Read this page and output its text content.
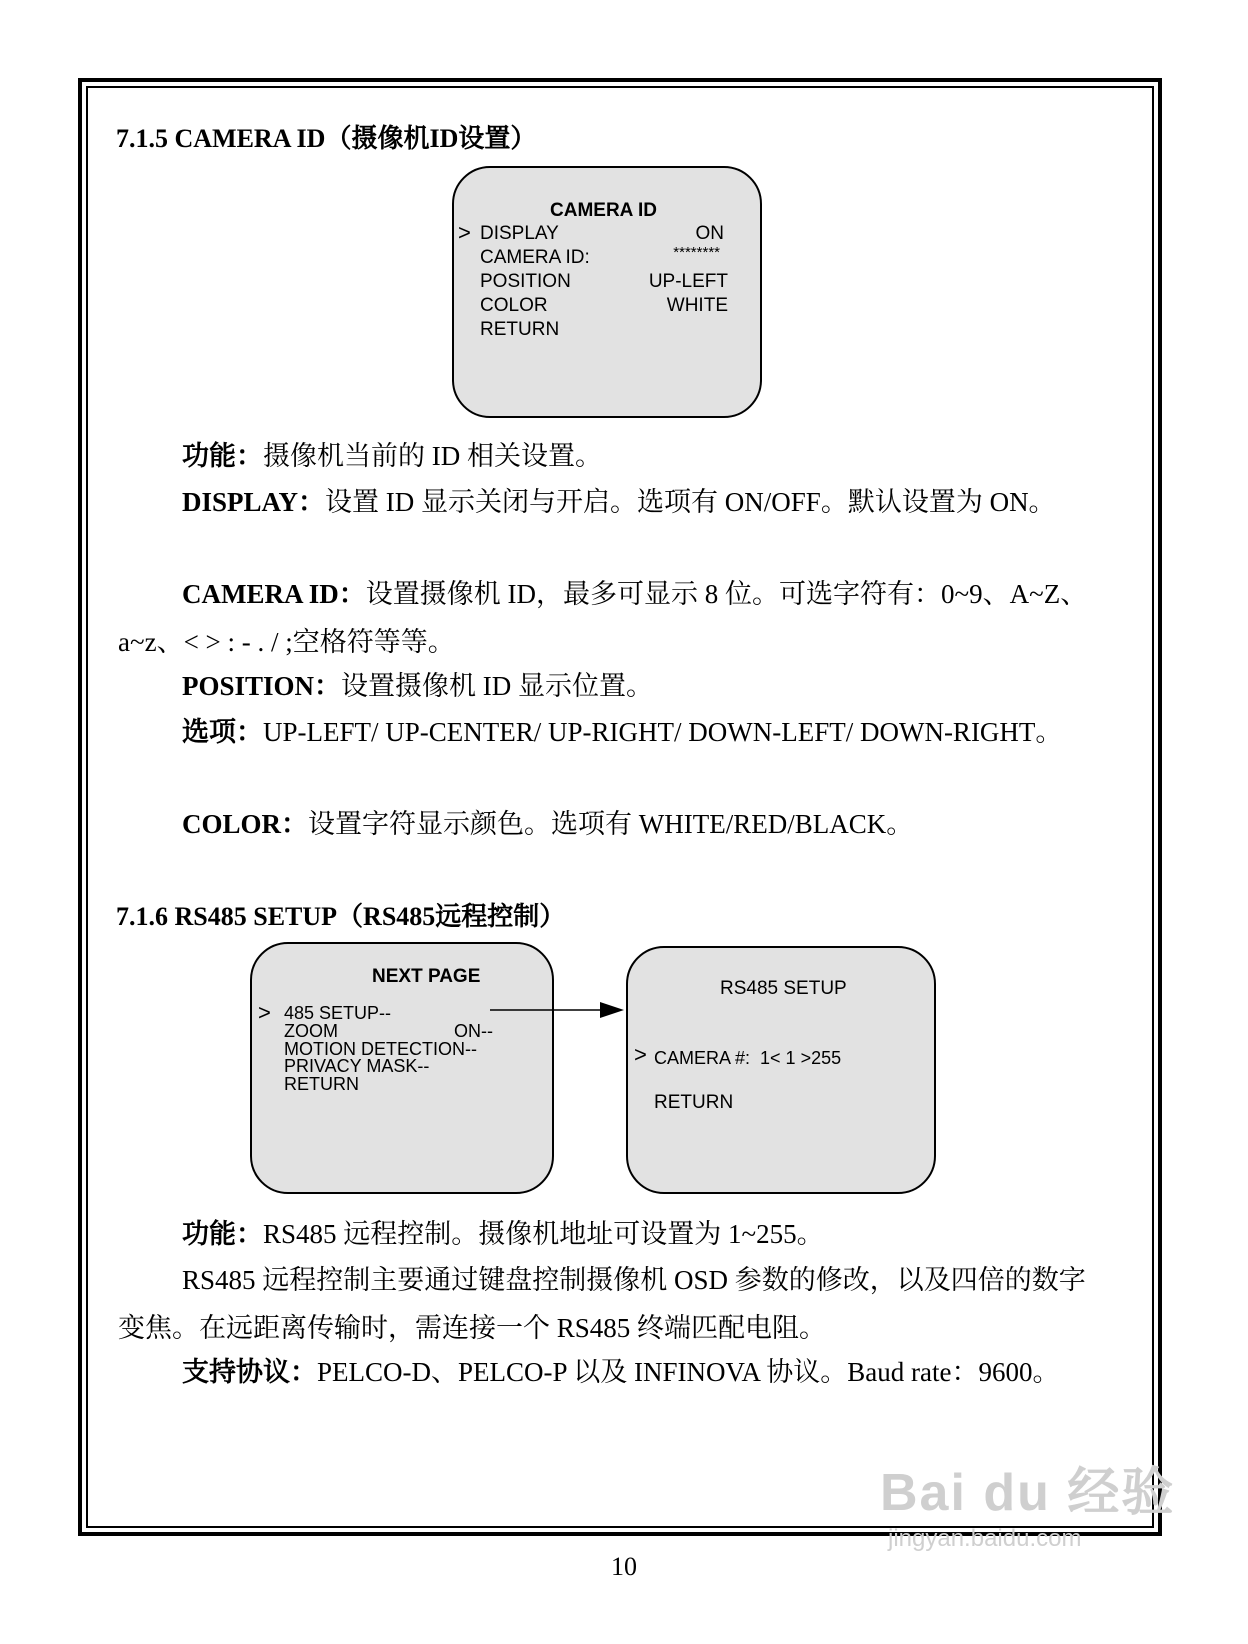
7.1.5 CAMERA ID（摄像机ID设置）
CAMERA ID
> DISPLAY	ON
CAMERA ID:	********
POSITION	UP-LEFT
COLOR	WHITE
RETURN

功能：摄像机当前的 ID 相关设置。

DISPLAY：设置 ID 显示关闭与开启。选项有 ON/OFF。默认设置为 ON。

CAMERA ID：设置摄像机 ID，最多可显示 8 位。可选字符有：0~9、A~Z、a~z、< > : - . / ;空格符等等。

POSITION：设置摄像机 ID 显示位置。

选项：UP-LEFT/ UP-CENTER/ UP-RIGHT/ DOWN-LEFT/ DOWN-RIGHT。

COLOR：设置字符显示颜色。选项有 WHITE/RED/BLACK。

7.1.6 RS485 SETUP（RS485远程控制）
NEXT PAGE
> 485 SETUP--
ZOOM	ON--
MOTION DETECTION--
PRIVACY MASK--
RETURN
RS485 SETUP
> CAMERA #:  1< 1 >255
RETURN

功能：RS485 远程控制。摄像机地址可设置为 1~255。

RS485 远程控制主要通过键盘控制摄像机 OSD 参数的修改，以及四倍的数字变焦。在远距离传输时，需连接一个 RS485 终端匹配电阻。

支持协议：PELCO-D、PELCO-P 以及 INFINOVA 协议。Baud rate：9600。

10
Bai du 经验
jingyan.baidu.com
